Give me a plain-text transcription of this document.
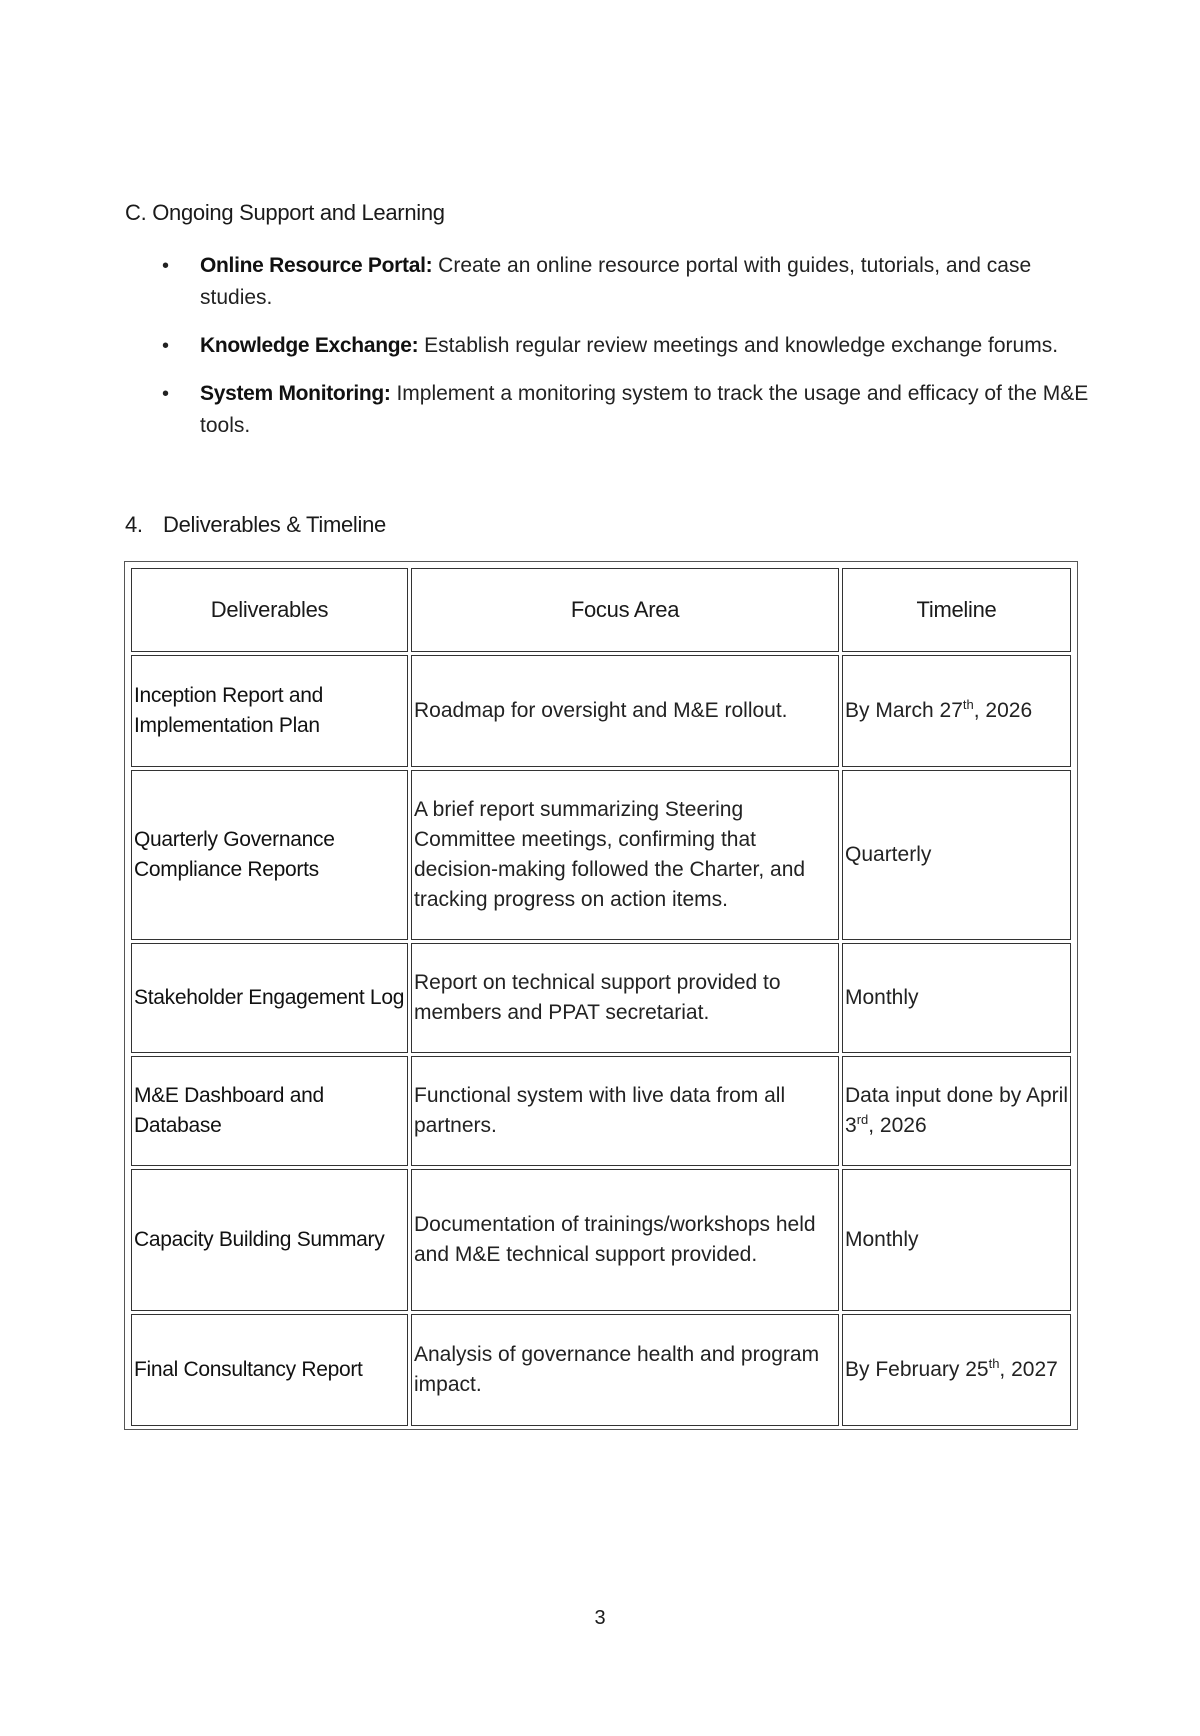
C. Ongoing Support and Learning
• Online Resource Portal: Create an online resource portal with guides, tutorials, and case studies.
• Knowledge Exchange: Establish regular review meetings and knowledge exchange forums.
• System Monitoring: Implement a monitoring system to track the usage and efficacy of the M&E tools.
4. Deliverables & Timeline
Deliverables	Focus Area	Timeline
Inception Report and Implementation Plan	Roadmap for oversight and M&E rollout.	By March 27th, 2026
Quarterly Governance Compliance Reports	A brief report summarizing Steering Committee meetings, confirming that decision-making followed the Charter, and tracking progress on action items.	Quarterly
Stakeholder Engagement Log	Report on technical support provided to members and PPAT secretariat.	Monthly
M&E Dashboard and Database	Functional system with live data from all partners.	Data input done by April 3rd, 2026
Capacity Building Summary	Documentation of trainings/workshops held and M&E technical support provided.	Monthly
Final Consultancy Report	Analysis of governance health and program impact.	By February 25th, 2027
3
